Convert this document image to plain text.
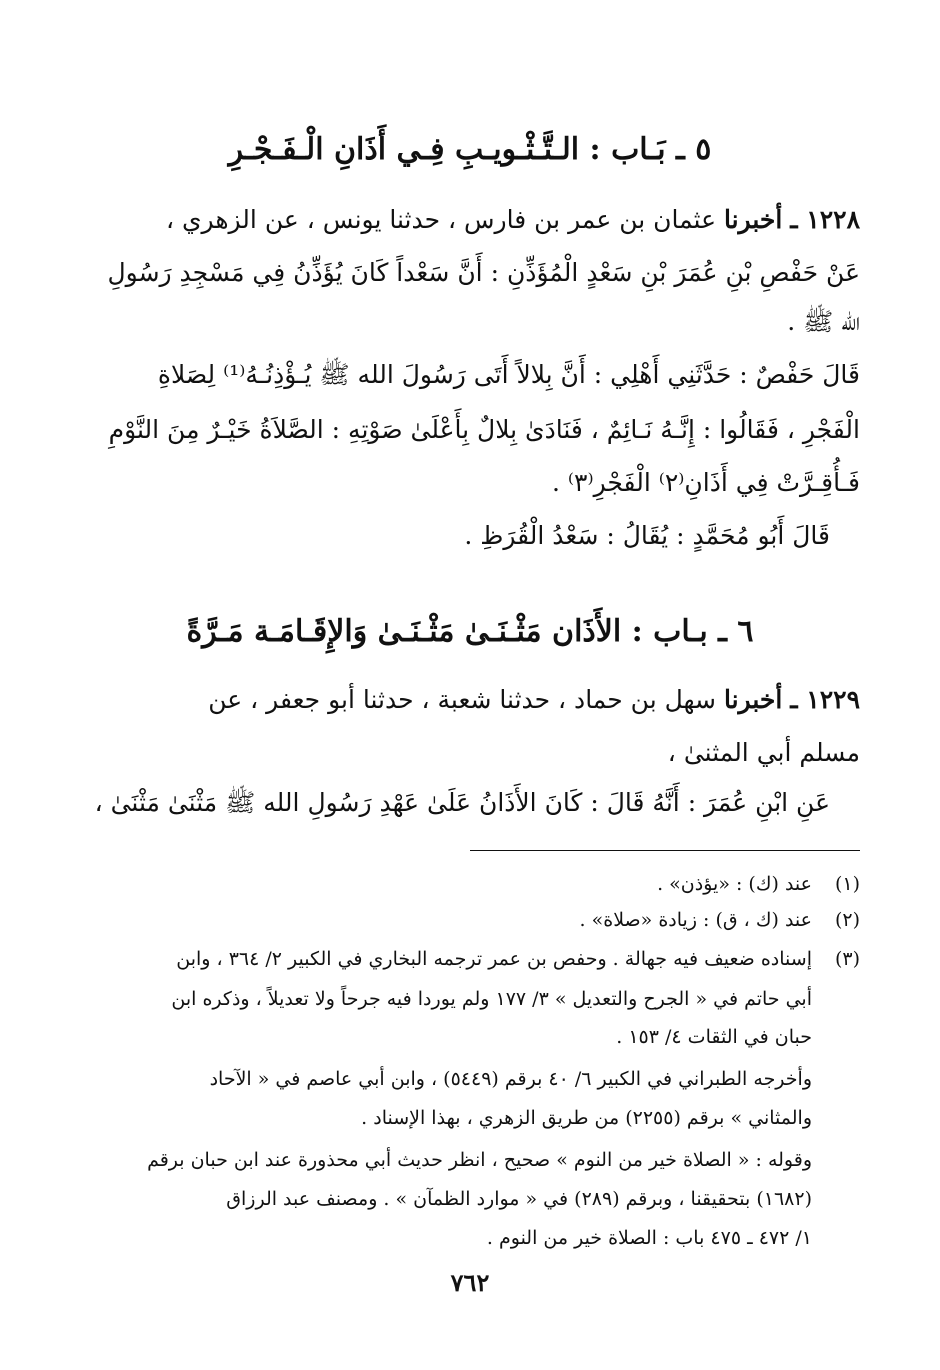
٥ ـ بَـاب : الـتَّـثْـويـبِ فِـي أَذَانِ الْـفَـجْـرِ
١٢٢٨ ـ أخبرنا عثمان بن عمر بن فارس ، حدثنا يونس ، عن الزهري ،
عَنْ حَفْصِ بْنِ عُمَرَ بْنِ سَعْدٍ الْمُؤَذِّنِ : أَنَّ سَعْداً كَانَ يُؤَذِّنُ فِي مَسْجِدِ رَسُولِ
الله ﷺ .
قَالَ حَفْصٌ : حَدَّثَنِي أَهْلِي : أَنَّ بِلالاً أَتَى رَسُولَ الله ﷺ يُـؤْذِنُـهُ⁽¹⁾ لِصَلاةِ
الْفَجْرِ ، فَقَالُوا : إِنَّـهُ نَـائِمٌ ، فَنَادَىٰ بِلالٌ بِأَعْلَىٰ صَوْتِهِ : الصَّلاَةُ خَيْـرٌ مِنَ النَّوْمِ
فَـأُقِـرَّتْ فِي أَذَانِ⁽٢⁾ الْفَجْرِ⁽٣⁾ .
قَالَ أَبُو مُحَمَّدٍ : يُقَالُ : سَعْدُ الْقُرَظِ .
٦ ـ بـاب : الأَذَان مَثْـنَـىٰ مَثْـنَـىٰ وَالإِقَـامَـة مَـرَّةً
١٢٢٩ ـ أخبرنا سهل بن حماد ، حدثنا شعبة ، حدثنا أبو جعفر ، عن
مسلم أبي المثنىٰ ،
عَنِ ابْنِ عُمَرَ : أَنَّهُ قَالَ : كَانَ الأَذَانُ عَلَىٰ عَهْدِ رَسُولِ الله ﷺ مَثْنَىٰ مَثْنَىٰ ،
(١)
عند (ك) : «يؤذن» .
(٢)
عند (ك ، ق) : زيادة «صلاة» .
(٣)
إسناده ضعيف فيه جهالة . وحفص بن عمر ترجمه البخاري في الكبير ٢/ ٣٦٤ ، وابن
أبي حاتم في « الجرح والتعديل » ٣/ ١٧٧ ولم يوردا فيه جرحاً ولا تعديلاً ، وذكره ابن
حبان في الثقات ٤/ ١٥٣ .
وأخرجه الطبراني في الكبير ٦/ ٤٠ برقم (٥٤٤٩) ، وابن أبي عاصم في « الآحاد
والمثاني » برقم (٢٢٥٥) من طريق الزهري ، بهذا الإسناد .
وقوله : « الصلاة خير من النوم » صحيح ، انظر حديث أبي محذورة عند ابن حبان برقم
(١٦٨٢) بتحقيقنا ، وبرقم (٢٨٩) في « موارد الظمآن » . ومصنف عبد الرزاق
١/ ٤٧٢ ـ ٤٧٥ باب : الصلاة خير من النوم .
٧٦٢
